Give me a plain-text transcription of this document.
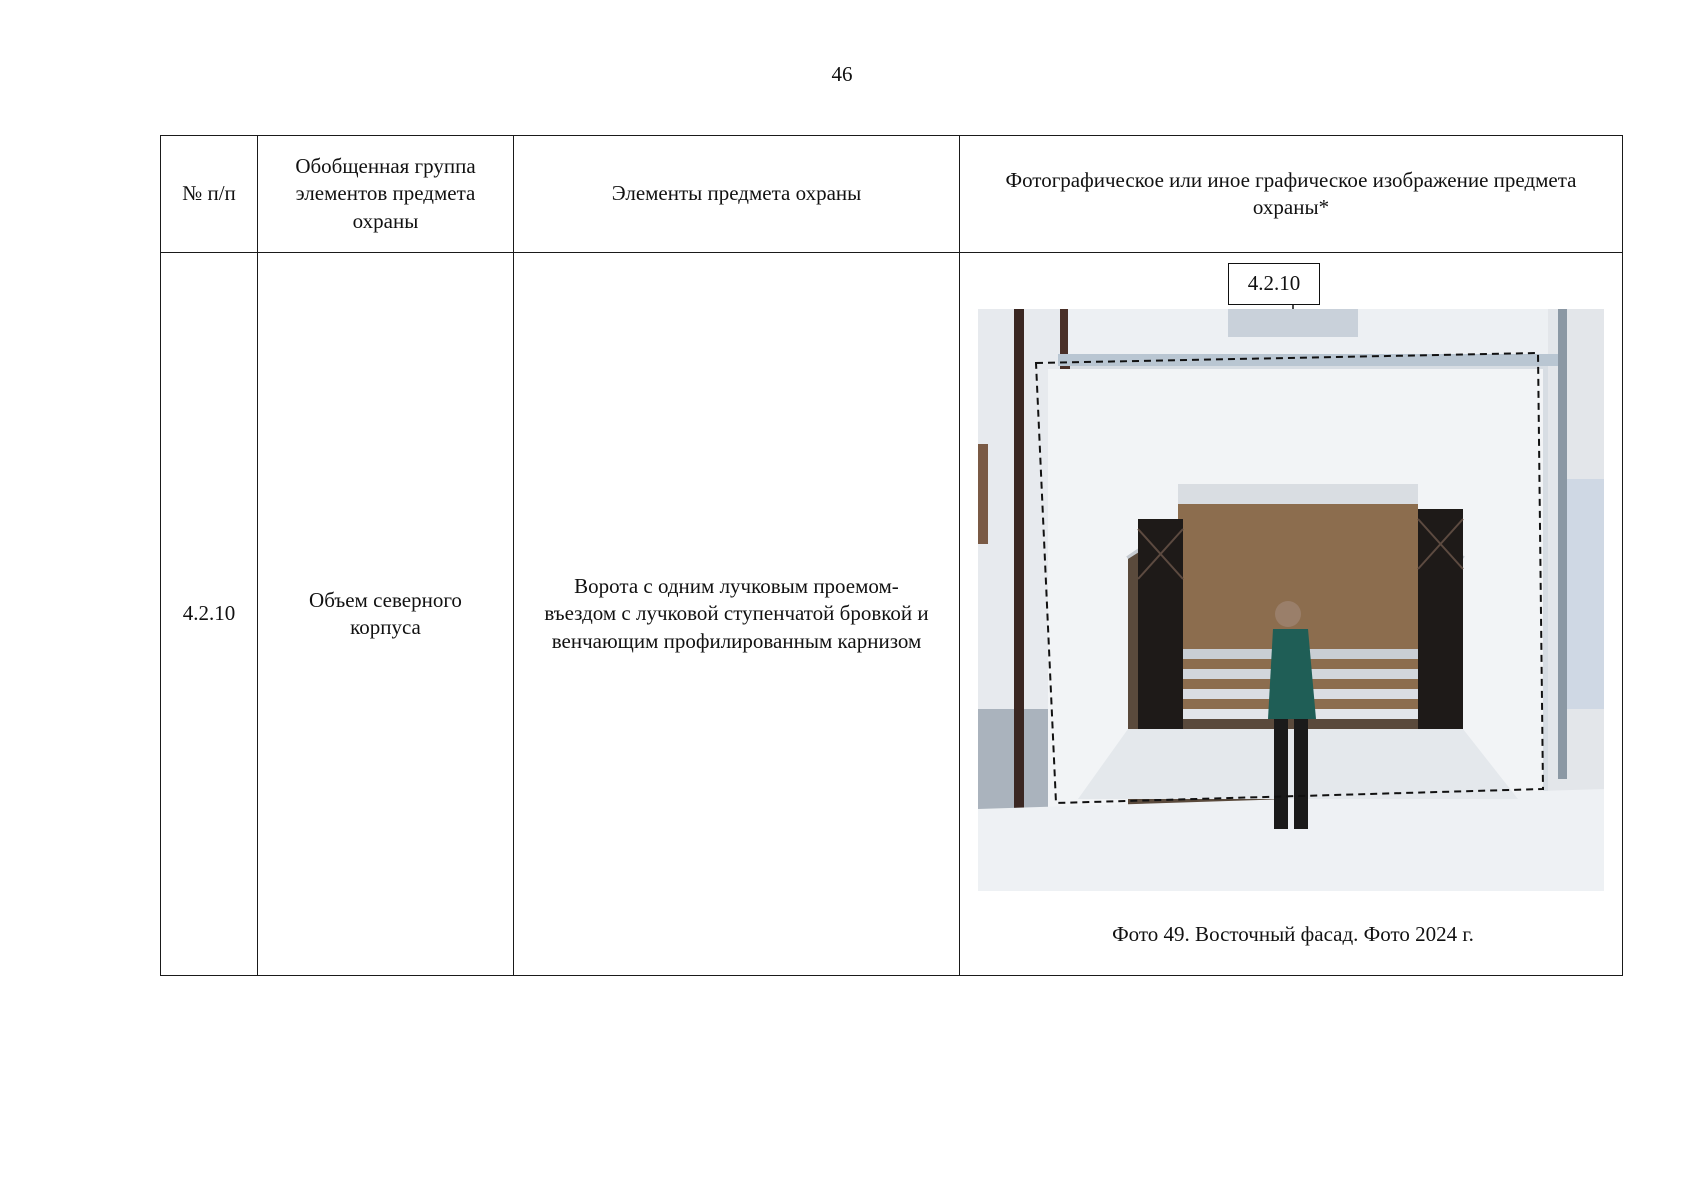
46
№ п/п	Обобщенная группа элементов предмета охраны	Элементы предмета охраны	Фотографическое или иное графическое изображение предмета охраны*

4.2.10	Объем северного корпуса	Ворота с одним лучковым проемом-въездом с лучковой ступенчатой бровкой и венчающим профилированным карнизом	4.2.10
Фото 49. Восточный фасад. Фото 2024 г.
